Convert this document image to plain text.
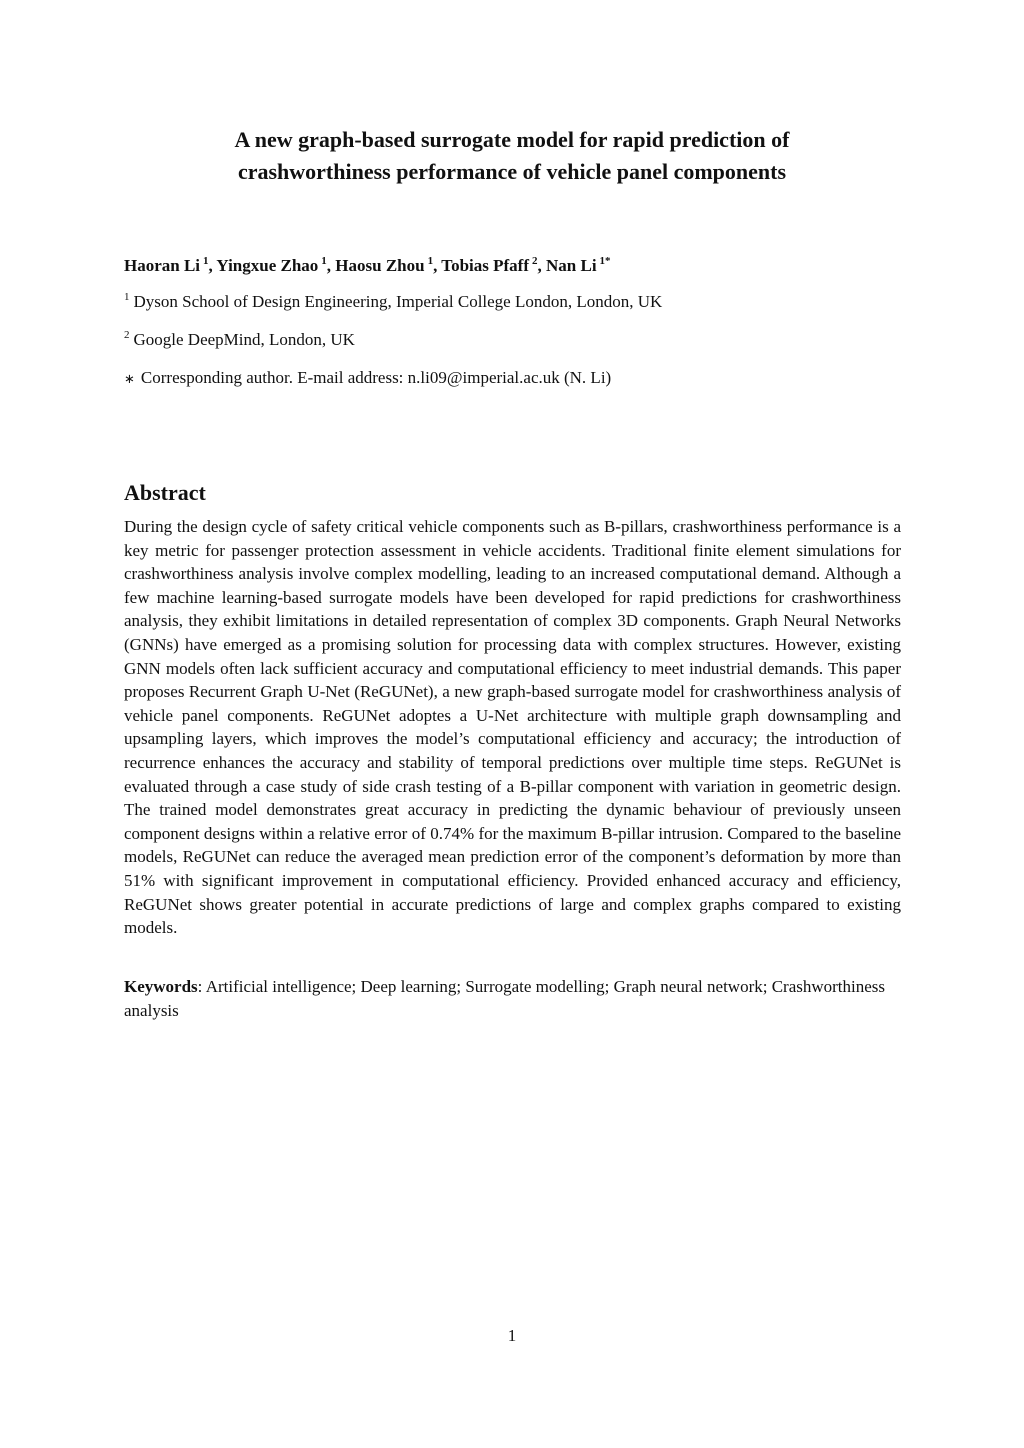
A new graph-based surrogate model for rapid prediction of
crashworthiness performance of vehicle panel components

Haoran Li $^1$, Yingxue Zhao $^1$, Haosu Zhou $^1$, Tobias Pfaff $^2$, Nan Li $^{1*}$

$^1$ Dyson School of Design Engineering, Imperial College London, London, UK

$^2$ Google DeepMind, London, UK

∗ Corresponding author. E-mail address: n.li09@imperial.ac.uk (N. Li)

Abstract

During the design cycle of safety critical vehicle components such as B-pillars, crashworthiness performance is a key metric for passenger protection assessment in vehicle accidents. Traditional finite element simulations for crashworthiness analysis involve complex modelling, leading to an increased computational demand. Although a few machine learning-based surrogate models have been developed for rapid predictions for crashworthiness analysis, they exhibit limitations in detailed representation of complex 3D components. Graph Neural Networks (GNNs) have emerged as a promising solution for processing data with complex structures. However, existing GNN models often lack sufficient accuracy and computational efficiency to meet industrial demands. This paper proposes Recurrent Graph U-Net (ReGUNet), a new graph-based surrogate model for crashworthiness analysis of vehicle panel components. ReGUNet adoptes a U-Net architecture with multiple graph downsampling and upsampling layers, which improves the model’s computational efficiency and accuracy; the introduction of recurrence enhances the accuracy and stability of temporal predictions over multiple time steps. ReGUNet is evaluated through a case study of side crash testing of a B-pillar component with variation in geometric design. The trained model demonstrates great accuracy in predicting the dynamic behaviour of previously unseen component designs within a relative error of 0.74% for the maximum B-pillar intrusion. Compared to the baseline models, ReGUNet can reduce the averaged mean prediction error of the component’s deformation by more than 51% with significant improvement in computational efficiency. Provided enhanced accuracy and efficiency, ReGUNet shows greater potential in accurate predictions of large and complex graphs compared to existing models.

Keywords: Artificial intelligence; Deep learning; Surrogate modelling; Graph neural network; Crashworthiness analysis

1
